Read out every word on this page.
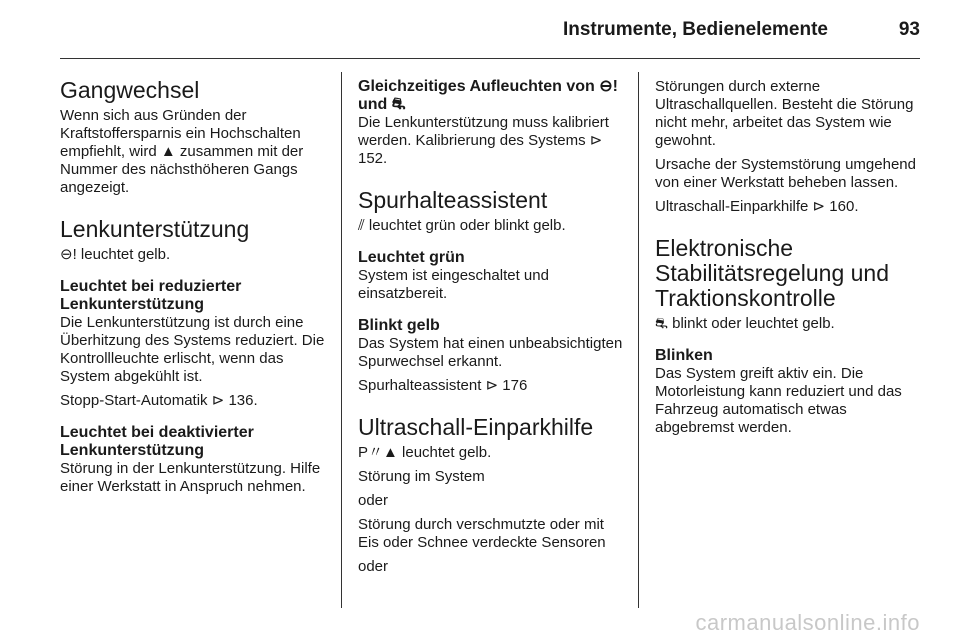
Instrumente, Bedienelemente	93
Gangwechsel

Wenn sich aus Gründen der Kraftstoffersparnis ein Hochschalten empfiehlt, wird ▲ zusammen mit der Nummer des nächsthöheren Gangs angezeigt.

Lenkunterstützung

⊖! leuchtet gelb.

Leuchtet bei reduzierter Lenkunterstützung

Die Lenkunterstützung ist durch eine Überhitzung des Systems reduziert. Die Kontrollleuchte erlischt, wenn das System abgekühlt ist.

Stopp-Start-Automatik ⊳ 136.

Leuchtet bei deaktivierter Lenkunterstützung

Störung in der Lenkunterstützung. Hilfe einer Werkstatt in Anspruch nehmen.

Gleichzeitiges Aufleuchten von ⊖! und ⛐

Die Lenkunterstützung muss kalibriert werden. Kalibrierung des Systems ⊳ 152.

Spurhalteassistent

⫽ leuchtet grün oder blinkt gelb.

Leuchtet grün

System ist eingeschaltet und einsatzbereit.

Blinkt gelb

Das System hat einen unbeabsichtigten Spurwechsel erkannt.

Spurhalteassistent ⊳ 176

Ultraschall-Einparkhilfe

P〃▲ leuchtet gelb.

Störung im System

oder

Störung durch verschmutzte oder mit Eis oder Schnee verdeckte Sensoren

oder

Störungen durch externe Ultraschallquellen. Besteht die Störung nicht mehr, arbeitet das System wie gewohnt.

Ursache der Systemstörung umgehend von einer Werkstatt beheben lassen.

Ultraschall-Einparkhilfe ⊳ 160.

Elektronische Stabilitätsregelung und Traktionskontrolle

⛐ blinkt oder leuchtet gelb.

Blinken

Das System greift aktiv ein. Die Motorleistung kann reduziert und das Fahrzeug automatisch etwas abgebremst werden.

carmanualsonline.info
